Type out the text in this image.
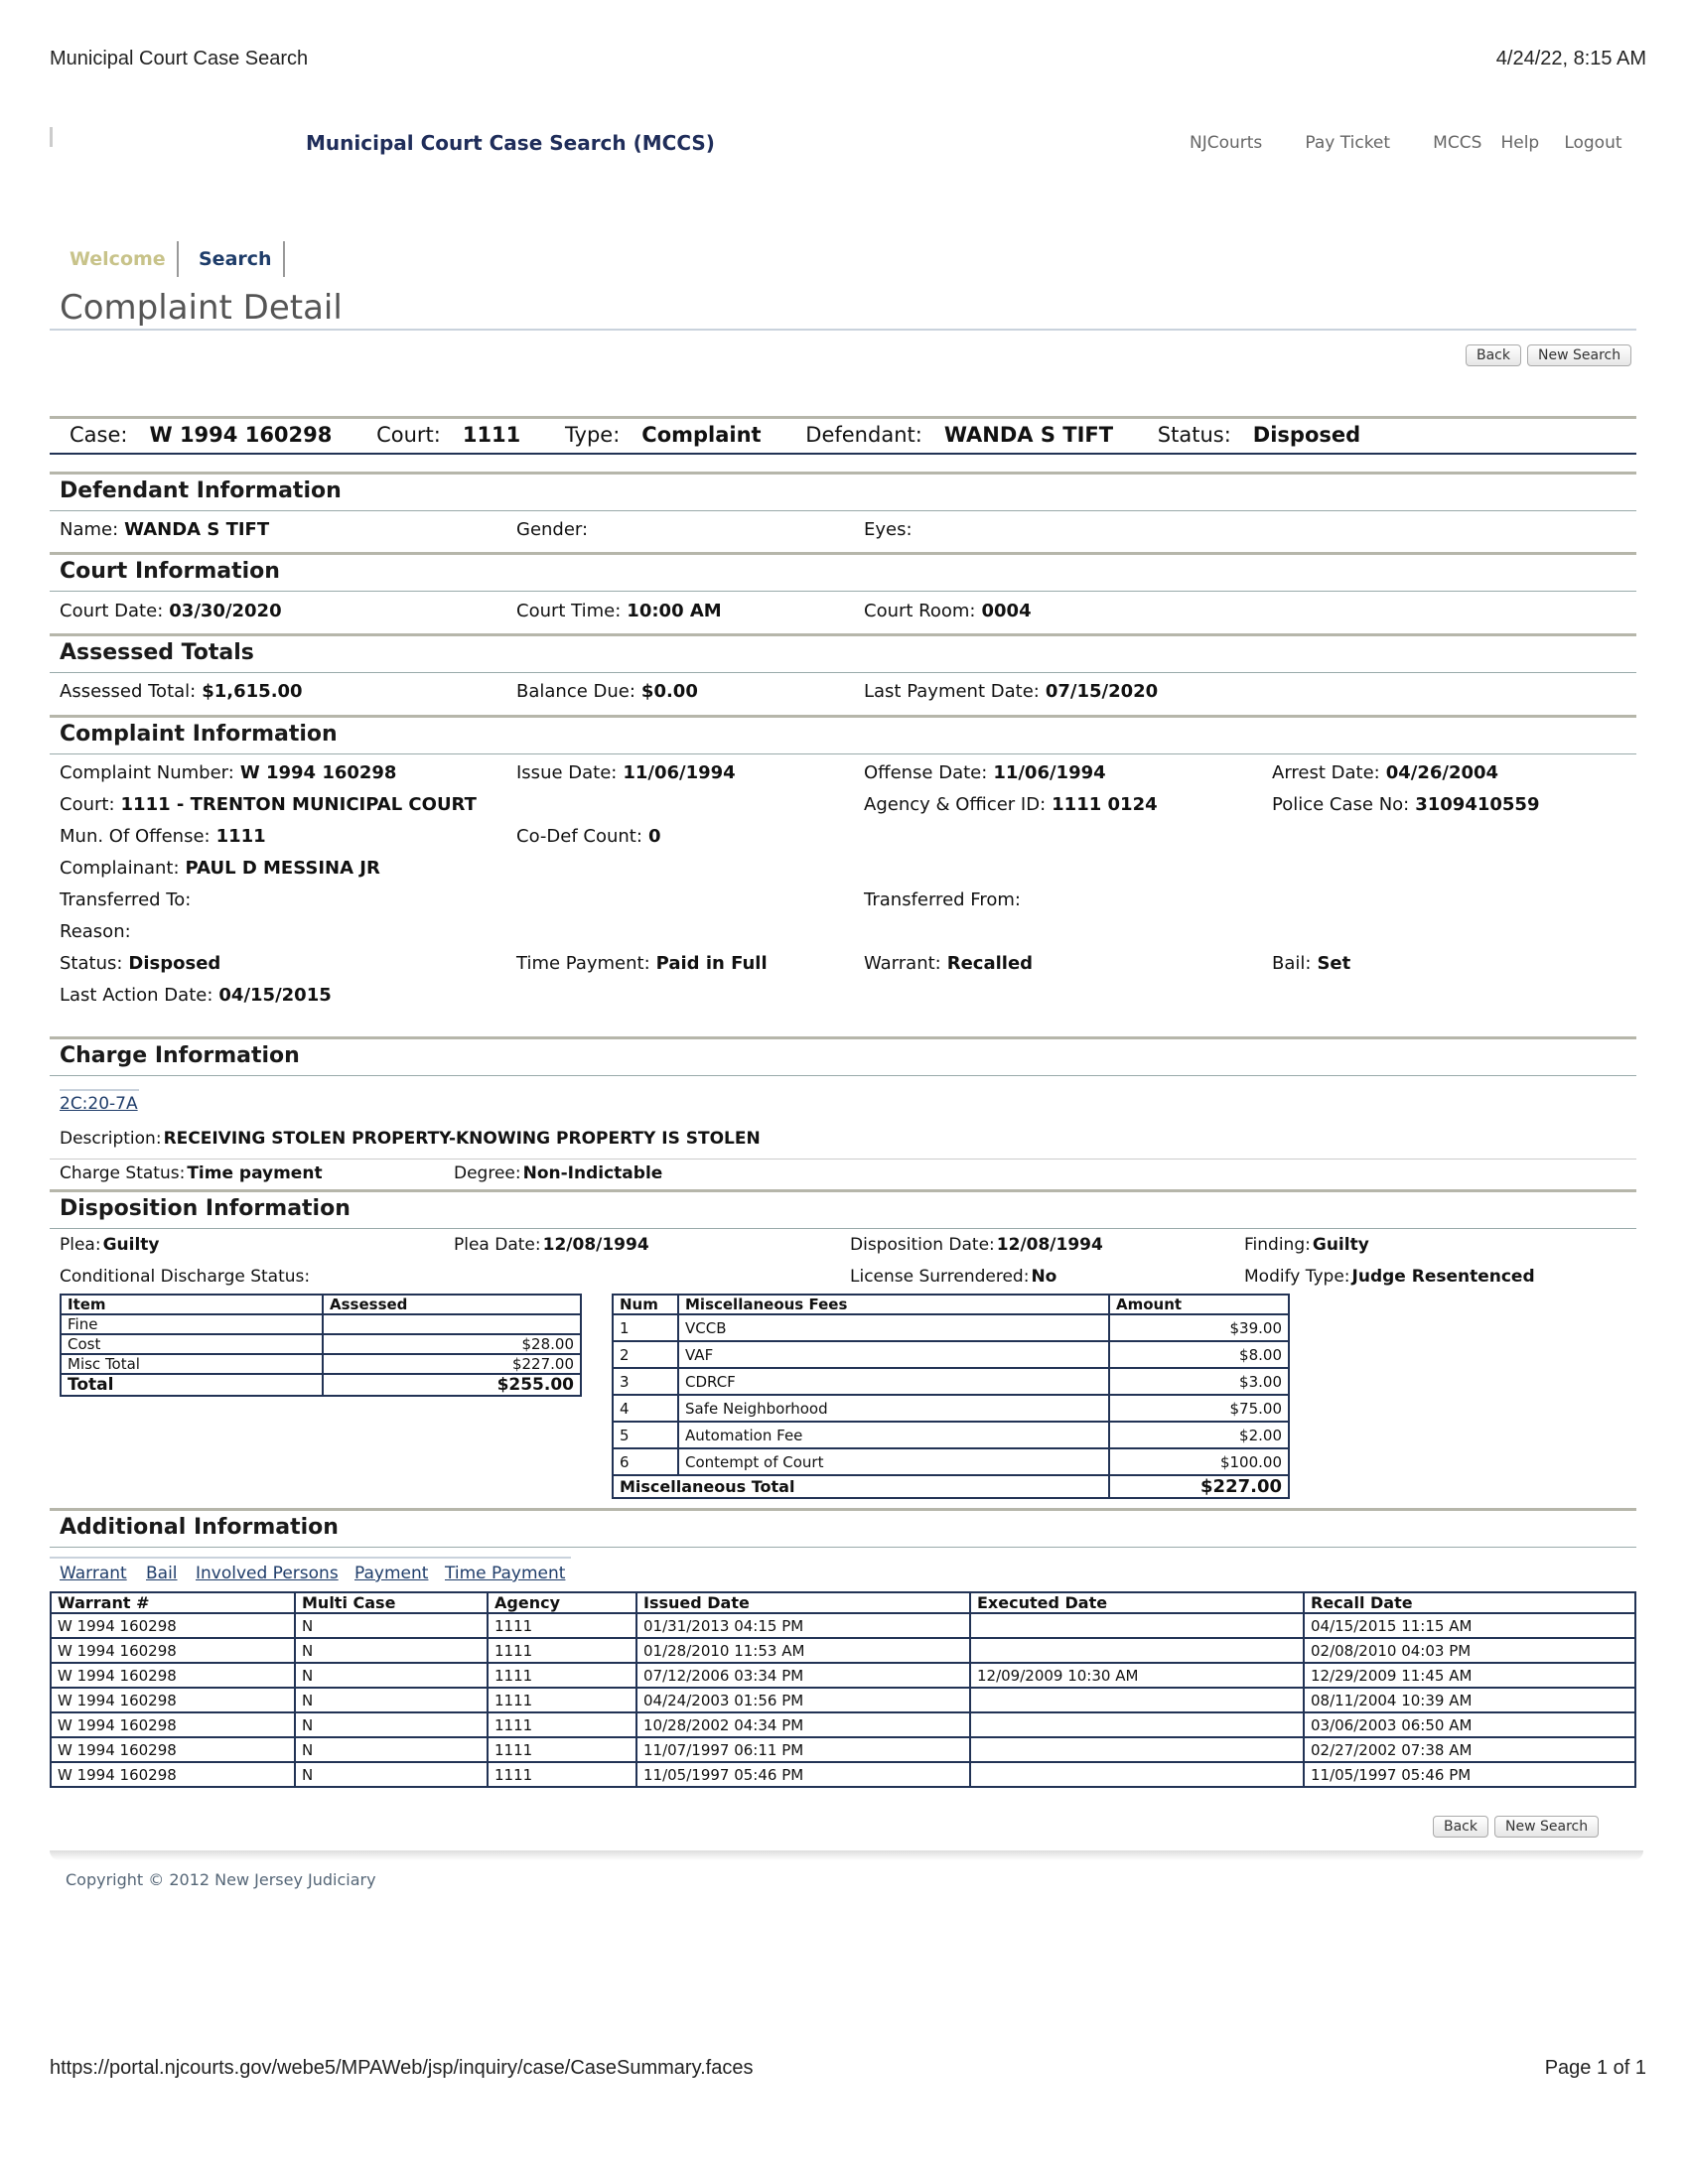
Municipal Court Case Search	4/24/22, 8:15 AM
Municipal Court Case Search (MCCS)	NJCourts	Pay Ticket	MCCS Help Logout
Welcome Search
Complaint Detail
Back	New Search
Case: W 1994 160298 Court: 1111 Type: Complaint Defendant: WANDA S TIFT Status: Disposed
Defendant Information
Name: WANDA S TIFT	Gender:	Eyes:
Court Information
Court Date: 03/30/2020	Court Time: 10:00 AM	Court Room: 0004
Assessed Totals
Assessed Total: $1,615.00	Balance Due: $0.00	Last Payment Date: 07/15/2020
Complaint Information
Complaint Number: W 1994 160298	Issue Date: 11/06/1994	Offense Date: 11/06/1994	Arrest Date: 04/26/2004
Court: 1111 - TRENTON MUNICIPAL COURT	Agency & Officer ID: 1111 0124	Police Case No: 3109410559
Mun. Of Offense: 1111	Co-Def Count: 0
Complainant: PAUL D MESSINA JR
Transferred To:	Transferred From:
Reason:
Status: Disposed	Time Payment: Paid in Full	Warrant: Recalled	Bail: Set
Last Action Date: 04/15/2015
Charge Information
2C:20-7A
Description: RECEIVING STOLEN PROPERTY-KNOWING PROPERTY IS STOLEN
Charge Status: Time payment	Degree: Non-Indictable
Disposition Information
Plea: Guilty	Plea Date: 12/08/1994	Disposition Date: 12/08/1994	Finding: Guilty
Conditional Discharge Status:	License Surrendered: No	Modify Type: Judge Resentenced
Item	Assessed
Fine	
Cost	$28.00
Misc Total	$227.00
Total	$255.00
Num	Miscellaneous Fees	Amount
1	VCCB	$39.00
2	VAF	$8.00
3	CDRCF	$3.00
4	Safe Neighborhood	$75.00
5	Automation Fee	$2.00
6	Contempt of Court	$100.00
Miscellaneous Total		$227.00
Additional Information
Warrant Bail Involved Persons Payment Time Payment
Warrant #	Multi Case	Agency	Issued Date	Executed Date	Recall Date
W 1994 160298	N	1111	01/31/2013 04:15 PM		04/15/2015 11:15 AM
W 1994 160298	N	1111	01/28/2010 11:53 AM		02/08/2010 04:03 PM
W 1994 160298	N	1111	07/12/2006 03:34 PM	12/09/2009 10:30 AM	12/29/2009 11:45 AM
W 1994 160298	N	1111	04/24/2003 01:56 PM		08/11/2004 10:39 AM
W 1994 160298	N	1111	10/28/2002 04:34 PM		03/06/2003 06:50 AM
W 1994 160298	N	1111	11/07/1997 06:11 PM		02/27/2002 07:38 AM
W 1994 160298	N	1111	11/05/1997 05:46 PM		11/05/1997 05:46 PM
Back	New Search
Copyright © 2012 New Jersey Judiciary
https://portal.njcourts.gov/webe5/MPAWeb/jsp/inquiry/case/CaseSummary.faces	Page 1 of 1
